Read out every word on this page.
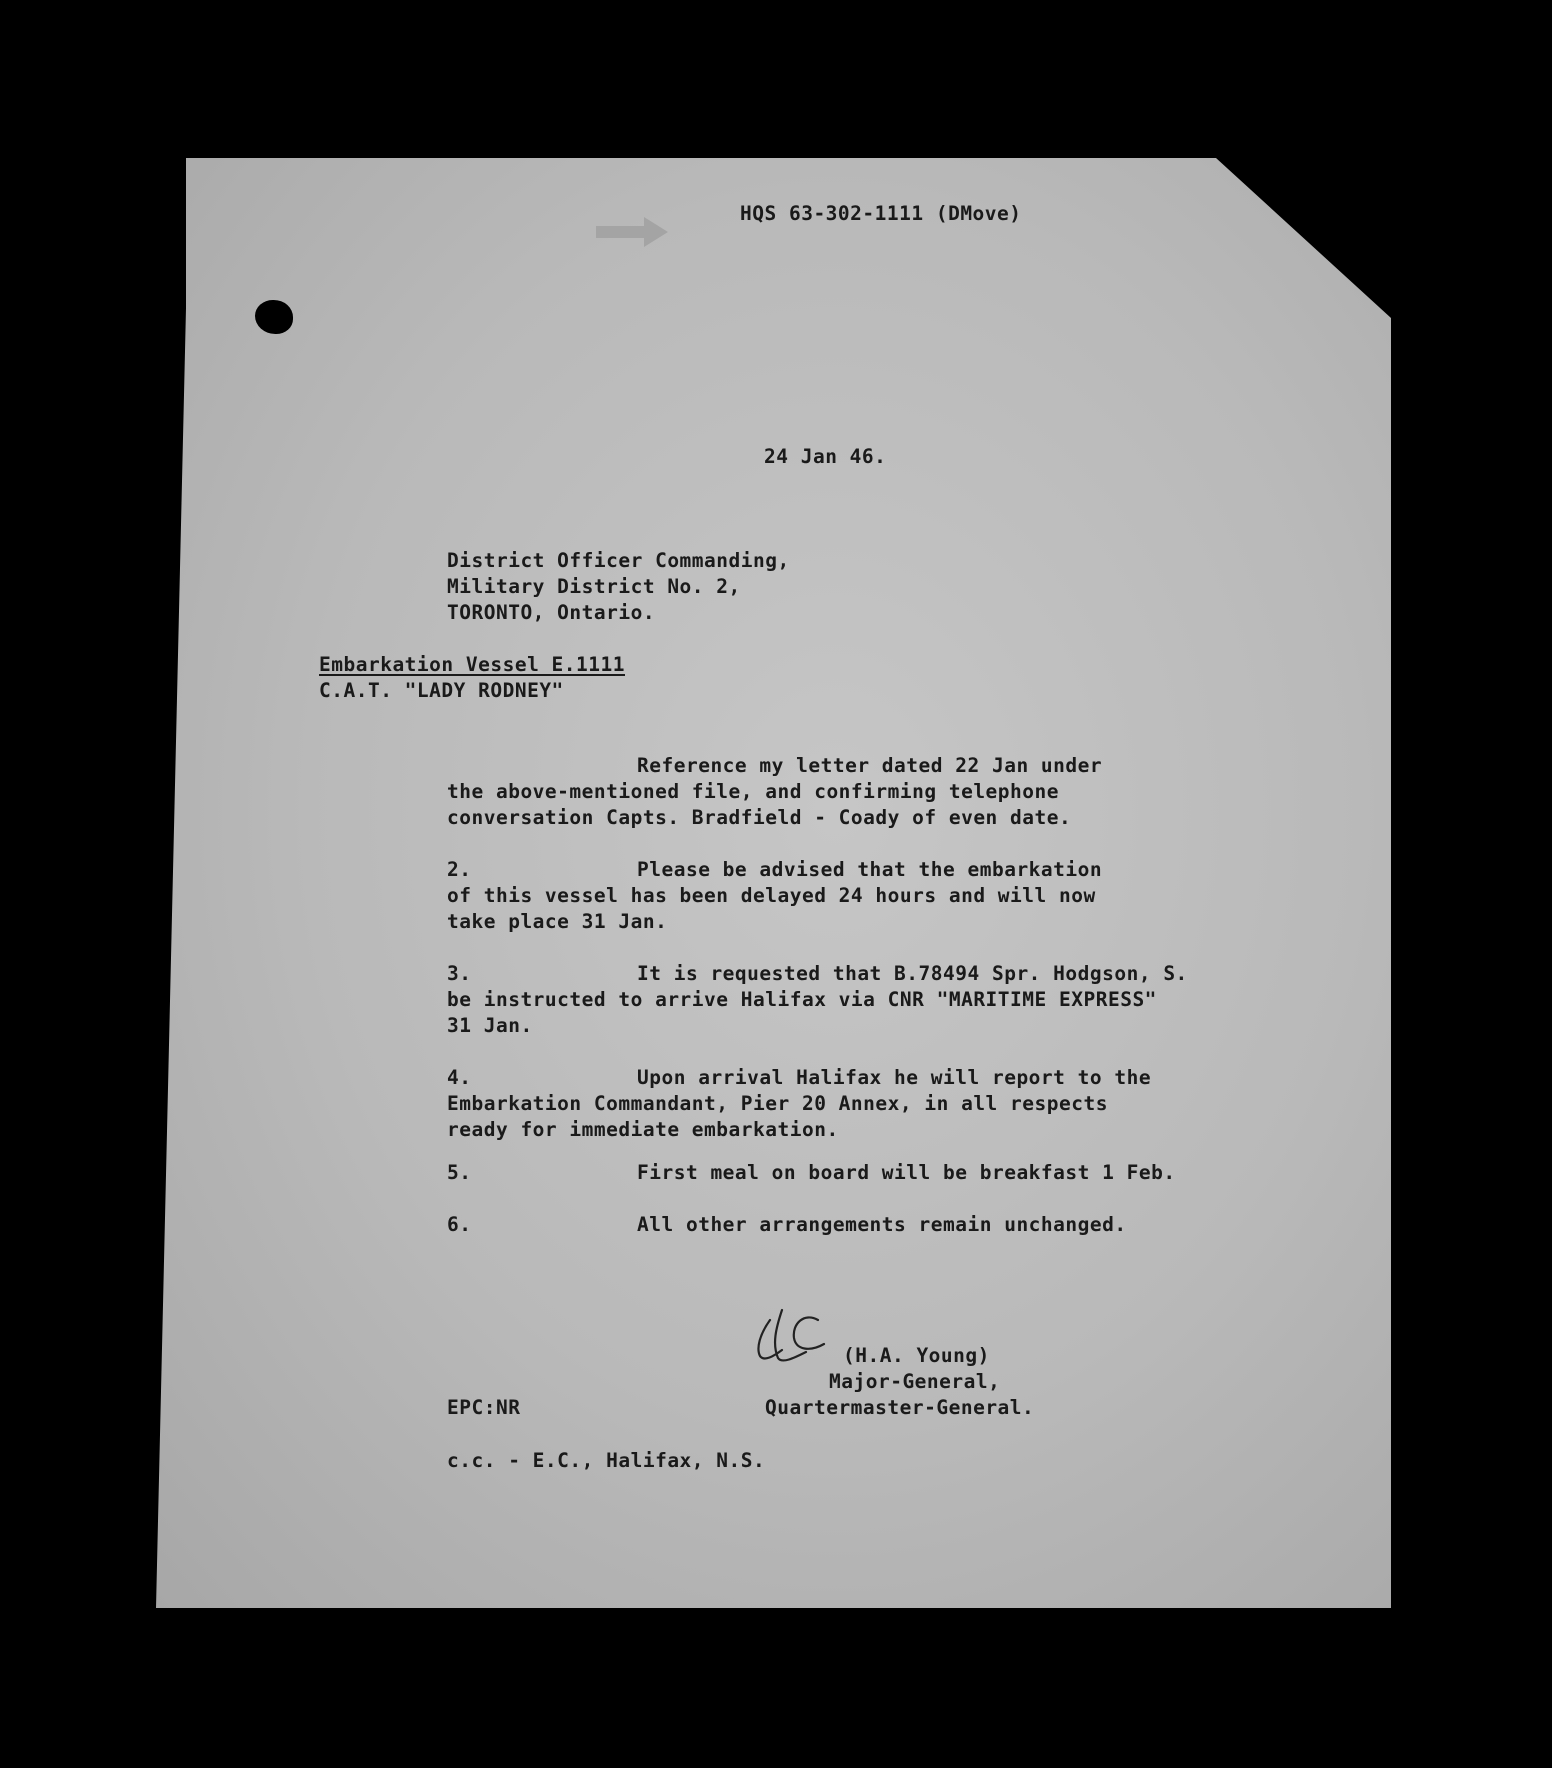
HQS 63-302-1111 (DMove)
24 Jan 46.
District Officer Commanding,
Military District No. 2,
TORONTO, Ontario.
Embarkation Vessel E.1111
C.A.T. "LADY RODNEY"
Reference my letter dated 22 Jan under
the above-mentioned file, and confirming telephone
conversation Capts. Bradfield - Coady of even date.
2.	Please be advised that the embarkation
of this vessel has been delayed 24 hours and will now
take place 31 Jan.
3.	It is requested that B.78494 Spr. Hodgson, S.
be instructed to arrive Halifax via CNR "MARITIME EXPRESS"
31 Jan.
4.	Upon arrival Halifax he will report to the
Embarkation Commandant, Pier 20 Annex, in all respects
ready for immediate embarkation.
5.	First meal on board will be breakfast 1 Feb.
6.	All other arrangements remain unchanged.
(H.A. Young)
Major-General,
Quartermaster-General.
EPC:NR
c.c. - E.C., Halifax, N.S.
